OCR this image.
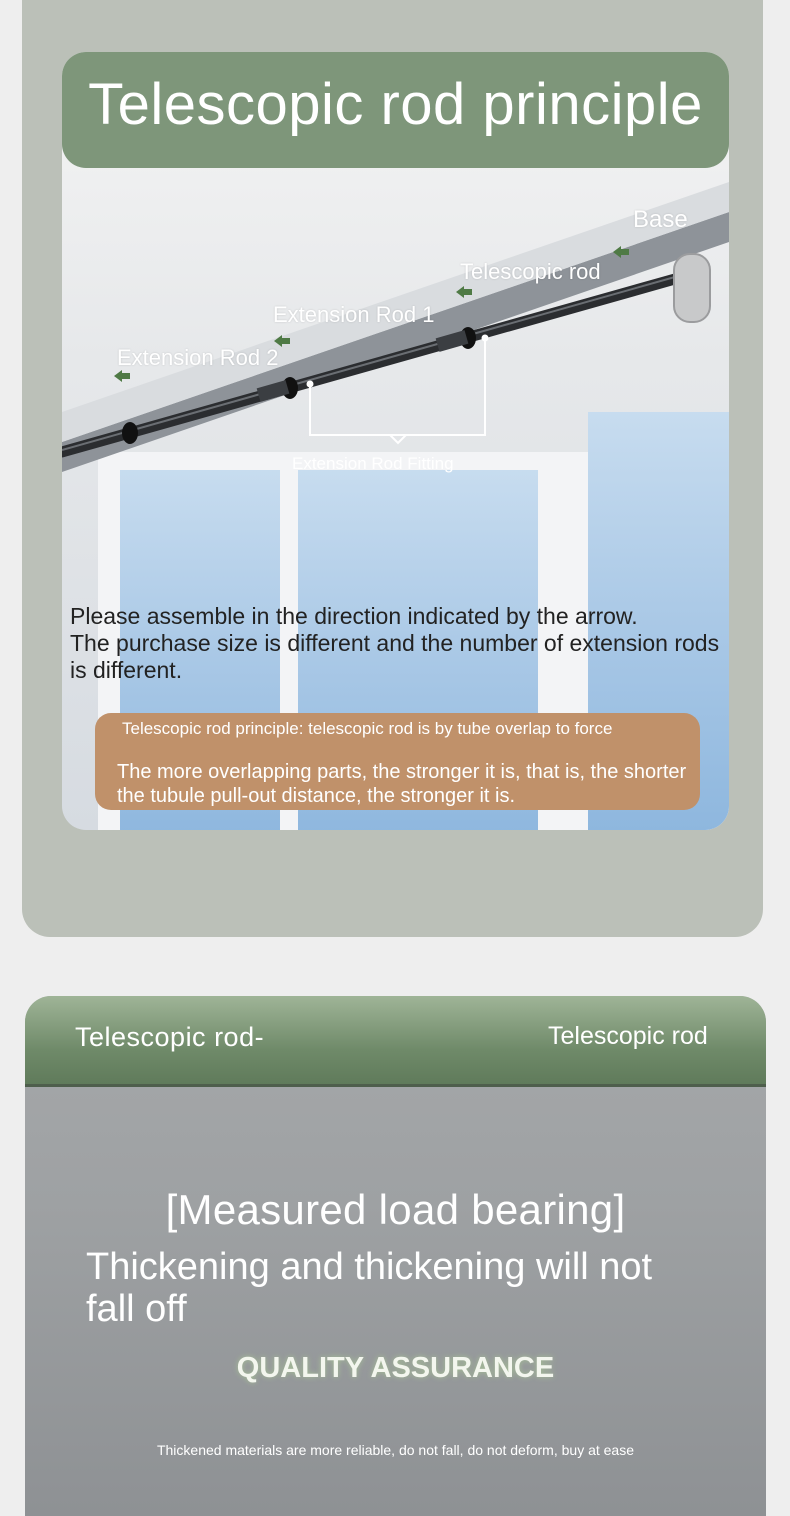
Telescopic rod principle
Base
Telescopic rod
Extension Rod 1
Extension Rod 2
Extension Rod Fitting
Please assemble in the direction indicated by the arrow.
The purchase size is different and the number of extension rods is different.
Telescopic rod principle: telescopic rod is by tube overlap to force
The more overlapping parts, the stronger it is, that is, the shorter the tubule pull-out distance, the stronger it is.
Telescopic rod-	Telescopic rod
[Measured load bearing]
Thickening and thickening will not fall off
QUALITY ASSURANCE
Thickened materials are more reliable, do not fall, do not deform, buy at ease
